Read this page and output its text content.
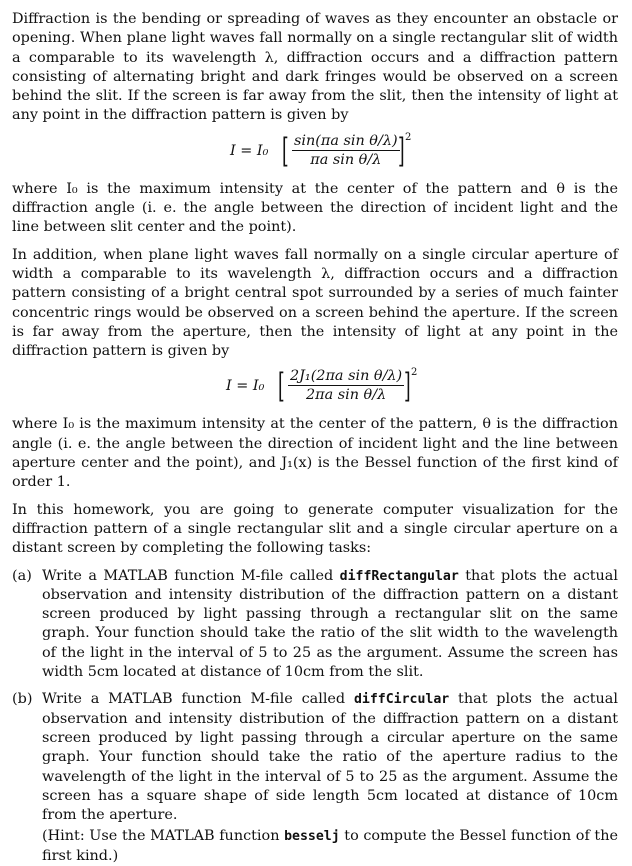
Diffraction is the bending or spreading of waves as they encounter an obstacle or opening. When plane light waves fall normally on a single rectangular slit of width a comparable to its wavelength λ, diffraction occurs and a diffraction pattern consisting of alternating bright and dark fringes would be observed on a screen behind the slit. If the screen is far away from the slit, then the intensity of light at any point in the diffraction pattern is given by

I = I₀ [ $\frac{\text{sin(πa sin θ/λ)}}{\text{πa sin θ/λ}}$
] 2

where I₀ is the maximum intensity at the center of the pattern and θ is the diffraction angle (i. e. the angle between the direction of incident light and the line between slit center and the point).

In addition, when plane light waves fall normally on a single circular aperture of width a comparable to its wavelength λ, diffraction occurs and a diffraction pattern consisting of a bright central spot surrounded by a series of much fainter concentric rings would be observed on a screen behind the aperture. If the screen is far away from the aperture, then the intensity of light at any point in the diffraction pattern is given by

I = I₀ [ $\frac{\text{2J₁(2πa sin θ/λ)}}{\text{2πa sin θ/λ}}$ ] 2

where I₀ is the maximum intensity at the center of the pattern, θ is the diffraction angle (i. e. the angle between the direction of incident light and the line between aperture center and the point), and J₁(x) is the Bessel function of the first kind of order 1.

In this homework, you are going to generate computer visualization for the diffraction pattern of a single rectangular slit and a single circular aperture on a distant screen by completing the following tasks:

(a) Write a MATLAB function M-file called diffRectangular that plots the actual observation and intensity distribution of the diffraction pattern on a distant screen produced by light passing through a rectangular slit on the same graph. Your function should take the ratio of the slit width to the wavelength of the light in the interval of 5 to 25 as the argument. Assume the screen has width 5cm located at distance of 10cm from the slit.

(b) Write a MATLAB function M-file called diffCircular that plots the actual observation and intensity distribution of the diffraction pattern on a distant screen produced by light passing through a circular aperture on the same graph. Your function should take the ratio of the aperture radius to the wavelength of the light in the interval of 5 to 25 as the argument. Assume the screen has a square shape of side length 5cm located at distance of 10cm from the aperture.

(Hint: Use the MATLAB function besselj to compute the Bessel function of the first kind.)
